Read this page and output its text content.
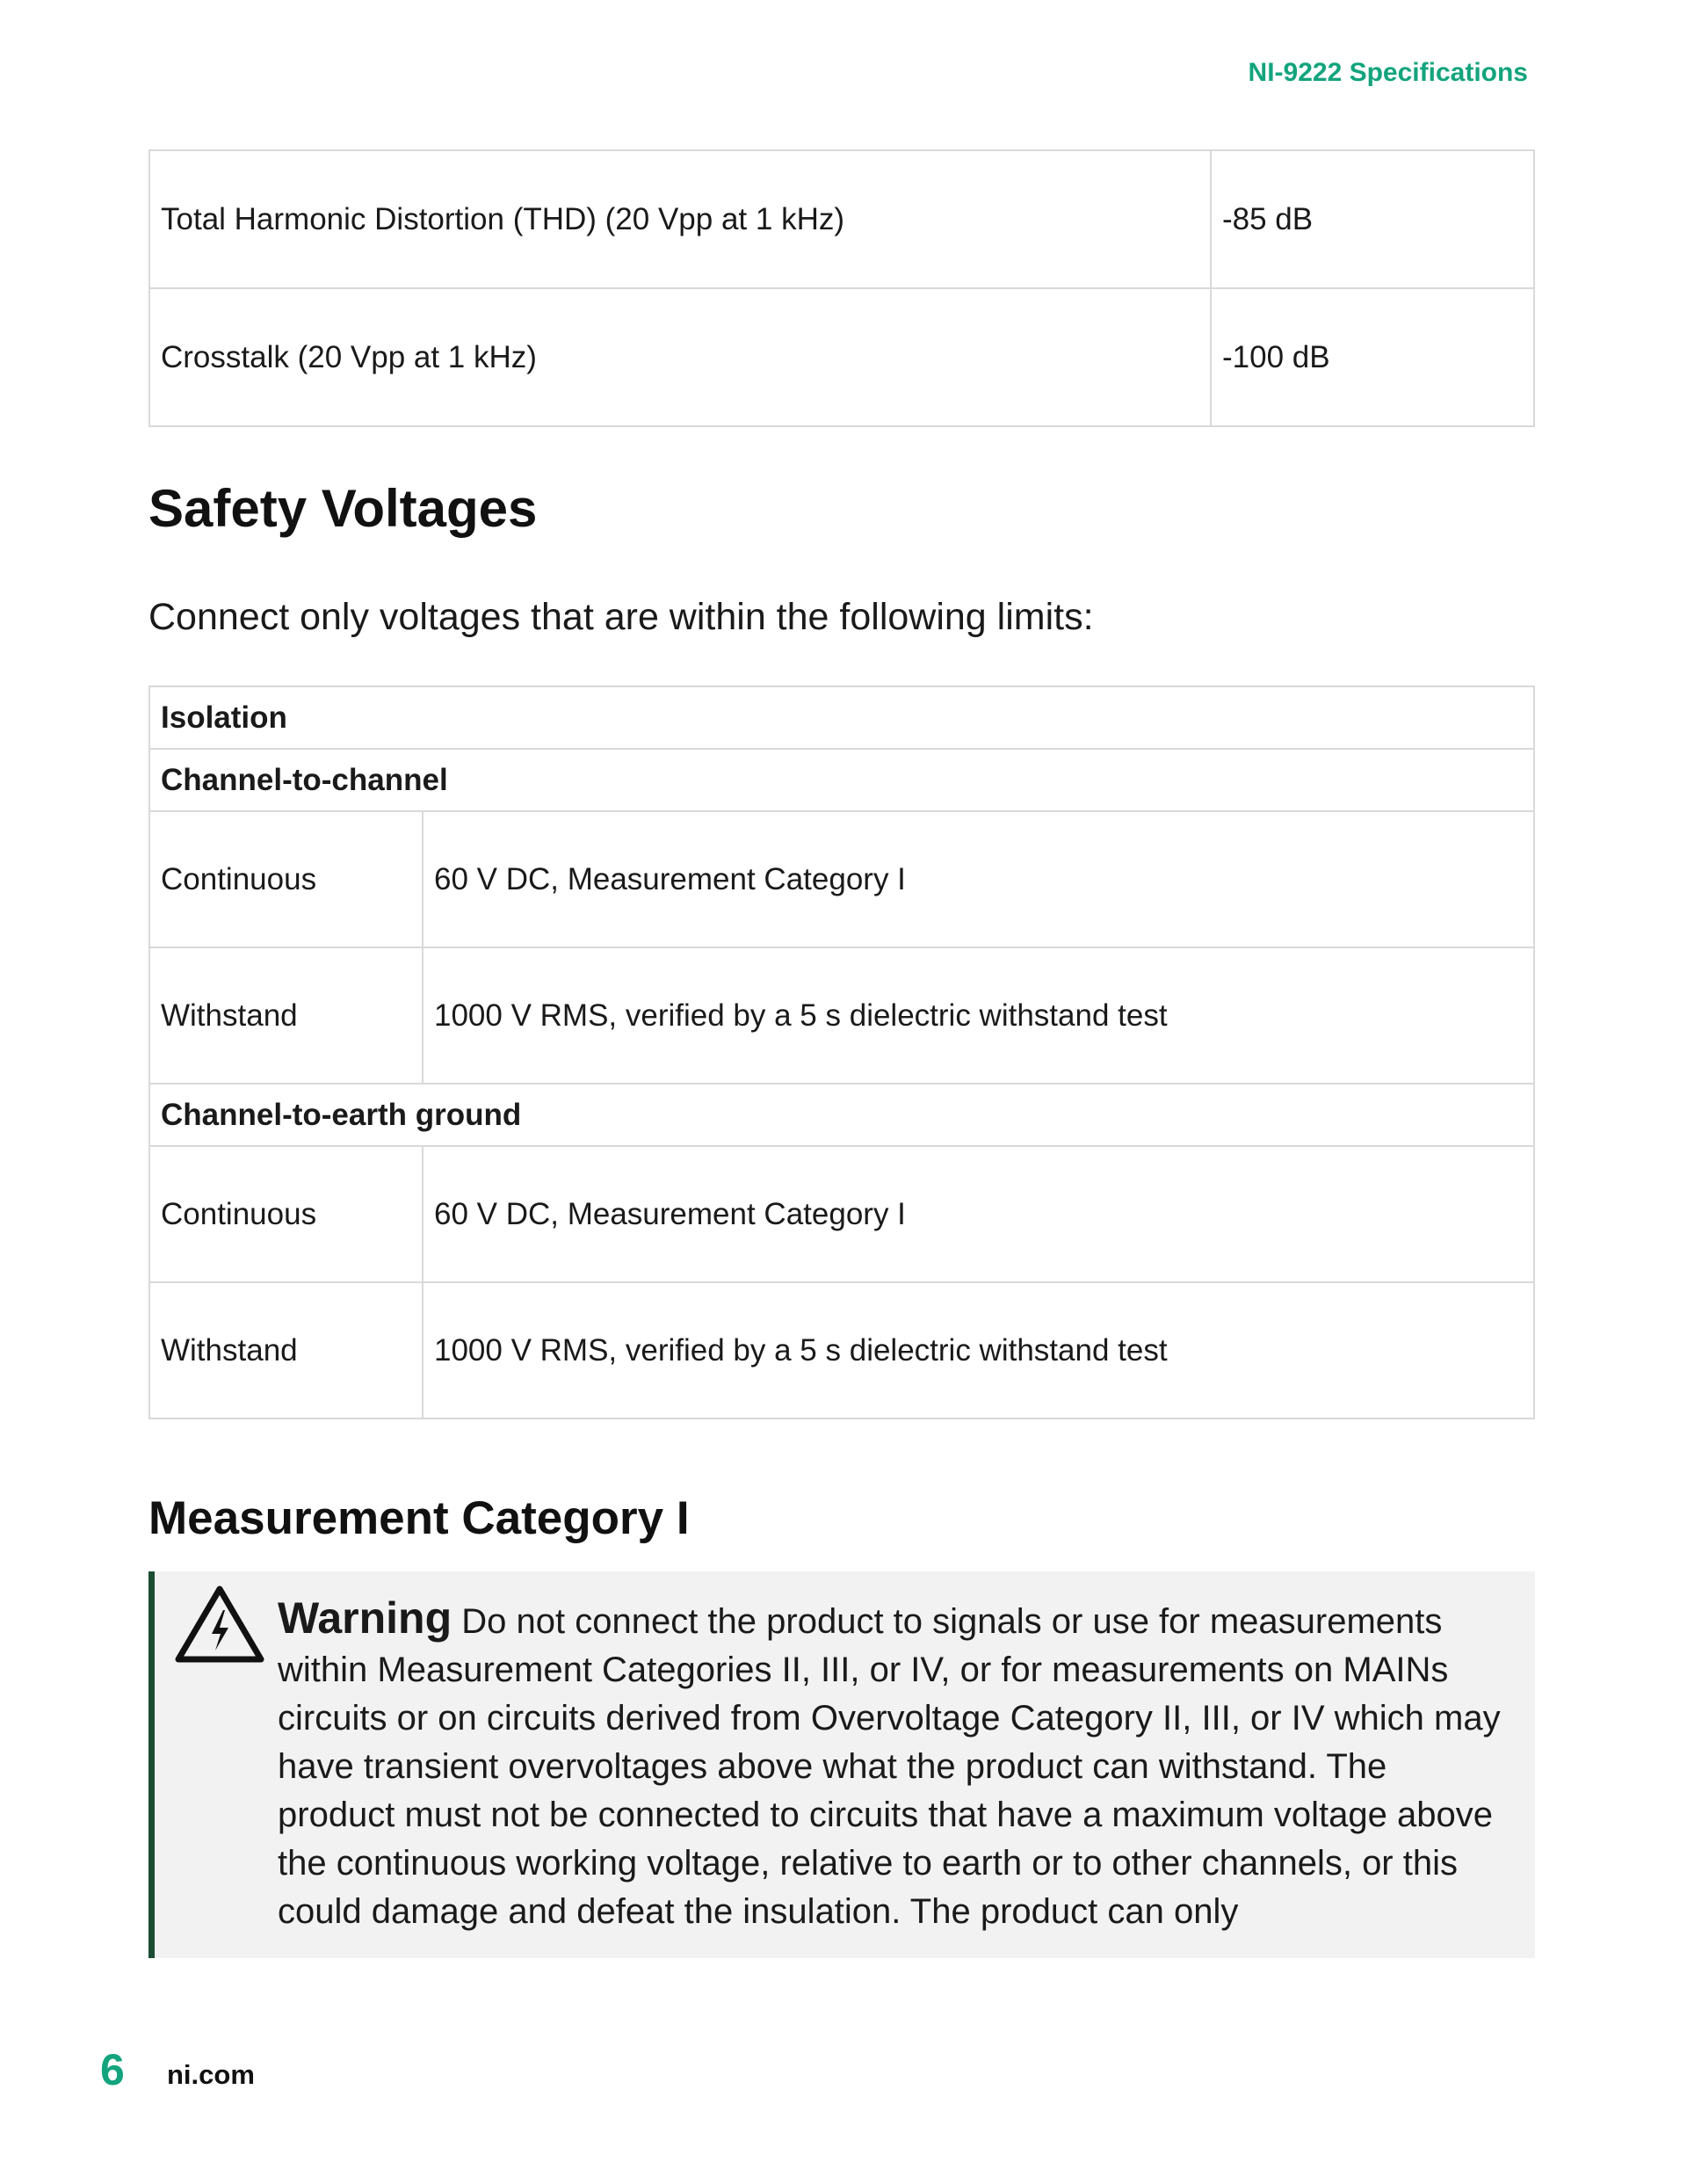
NI-9222 Specifications
Total Harmonic Distortion (THD) (20 Vpp at 1 kHz)	-85 dB
Crosstalk (20 Vpp at 1 kHz)	-100 dB
Safety Voltages

Connect only voltages that are within the following limits:

Isolation	
Channel-to-channel	
Continuous	60 V DC, Measurement Category I
Withstand	1000 V RMS, verified by a 5 s dielectric withstand test
Channel-to-earth ground	
Continuous	60 V DC, Measurement Category I
Withstand	1000 V RMS, verified by a 5 s dielectric withstand test
Measurement Category I

Warning Do not connect the product to signals or use for measurements within Measurement Categories II, III, or IV, or for measurements on MAINs circuits or on circuits derived from Overvoltage Category II, III, or IV which may have transient overvoltages above what the product can withstand. The product must not be connected to circuits that have a maximum voltage above the continuous working voltage, relative to earth or to other channels, or this could damage and defeat the insulation. The product can only

6 ni.com
